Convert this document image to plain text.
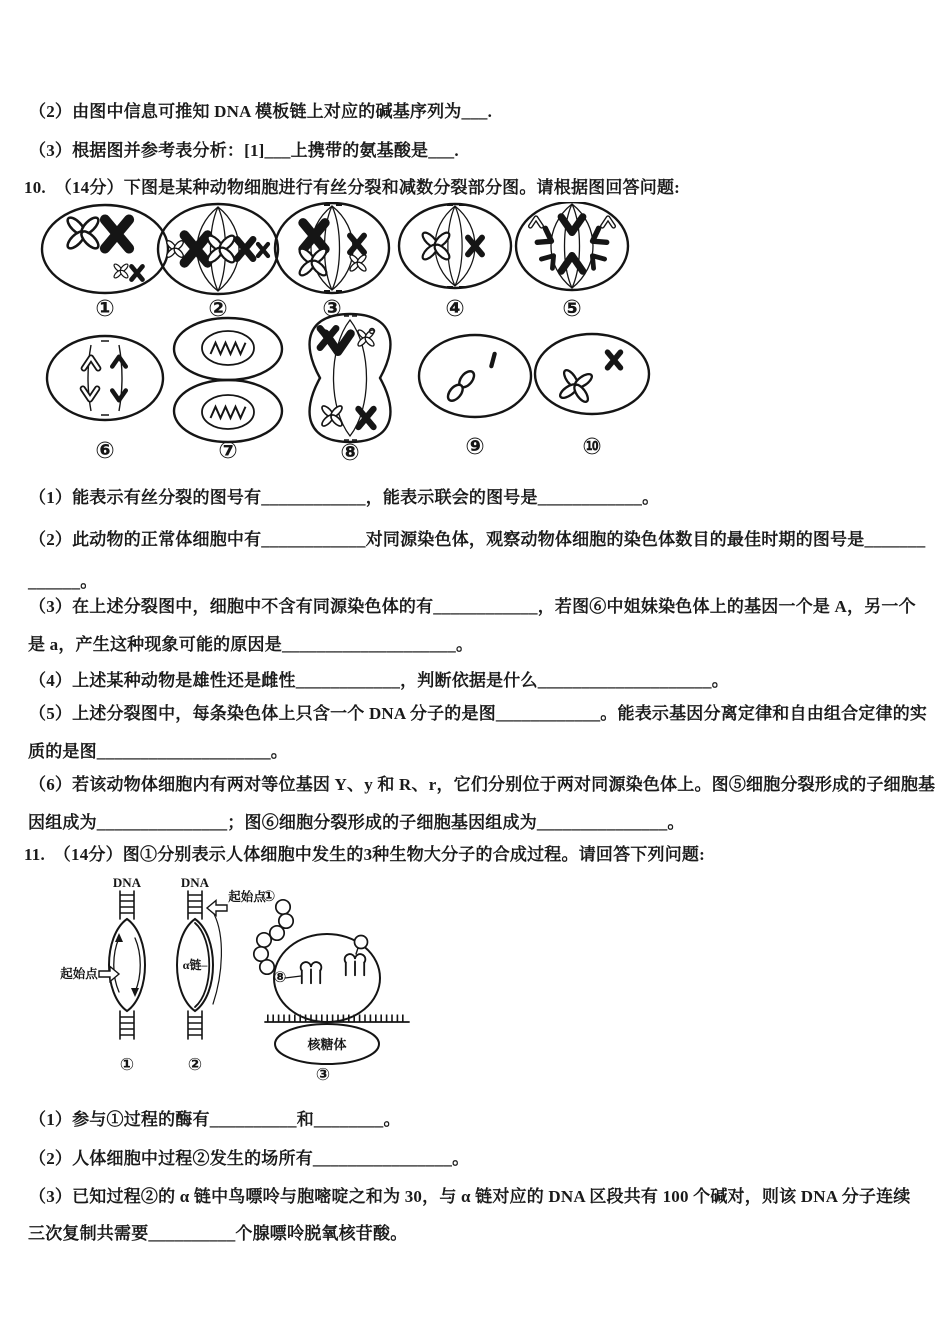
（2）由图中信息可推知 DNA 模板链上对应的碱基序列为___.
（3）根据图并参考表分析：[1]___上携带的氨基酸是___.
10.  （14分）下图是某种动物细胞进行有丝分裂和减数分裂部分图。请根据图回答问题:
①	②	③	④	⑤
⑥	⑦	⑧	⑨	⑩
（1）能表示有丝分裂的图号有____________，能表示联会的图号是____________。
（2）此动物的正常体细胞中有____________对同源染色体，观察动物体细胞的染色体数目的最佳时期的图号是_______
______。
（3）在上述分裂图中，细胞中不含有同源染色体的有____________，若图⑥中姐妹染色体上的基因一个是 A，另一个
是 a，产生这种现象可能的原因是____________________。
（4）上述某种动物是雄性还是雌性____________，判断依据是什么____________________。
（5）上述分裂图中，每条染色体上只含一个 DNA 分子的是图____________。能表示基因分离定律和自由组合定律的实
质的是图____________________。
（6）若该动物体细胞内有两对等位基因 Y、y 和 R、r，它们分别位于两对同源染色体上。图⑤细胞分裂形成的子细胞基
因组成为_______________；图⑥细胞分裂形成的子细胞基因组成为_______________。
11.  （14分）图①分别表示人体细胞中发生的3种生物大分子的合成过程。请回答下列问题:
DNA	DNA
起始点
起始点
α链–
核糖体
①
⑧
①	②	③
（1）参与①过程的酶有__________和________。
（2）人体细胞中过程②发生的场所有________________。
（3）已知过程②的 α 链中鸟嘌呤与胞嘧啶之和为 30，与 α 链对应的 DNA 区段共有 100 个碱对，则该 DNA 分子连续
三次复制共需要__________个腺嘌呤脱氧核苷酸。
